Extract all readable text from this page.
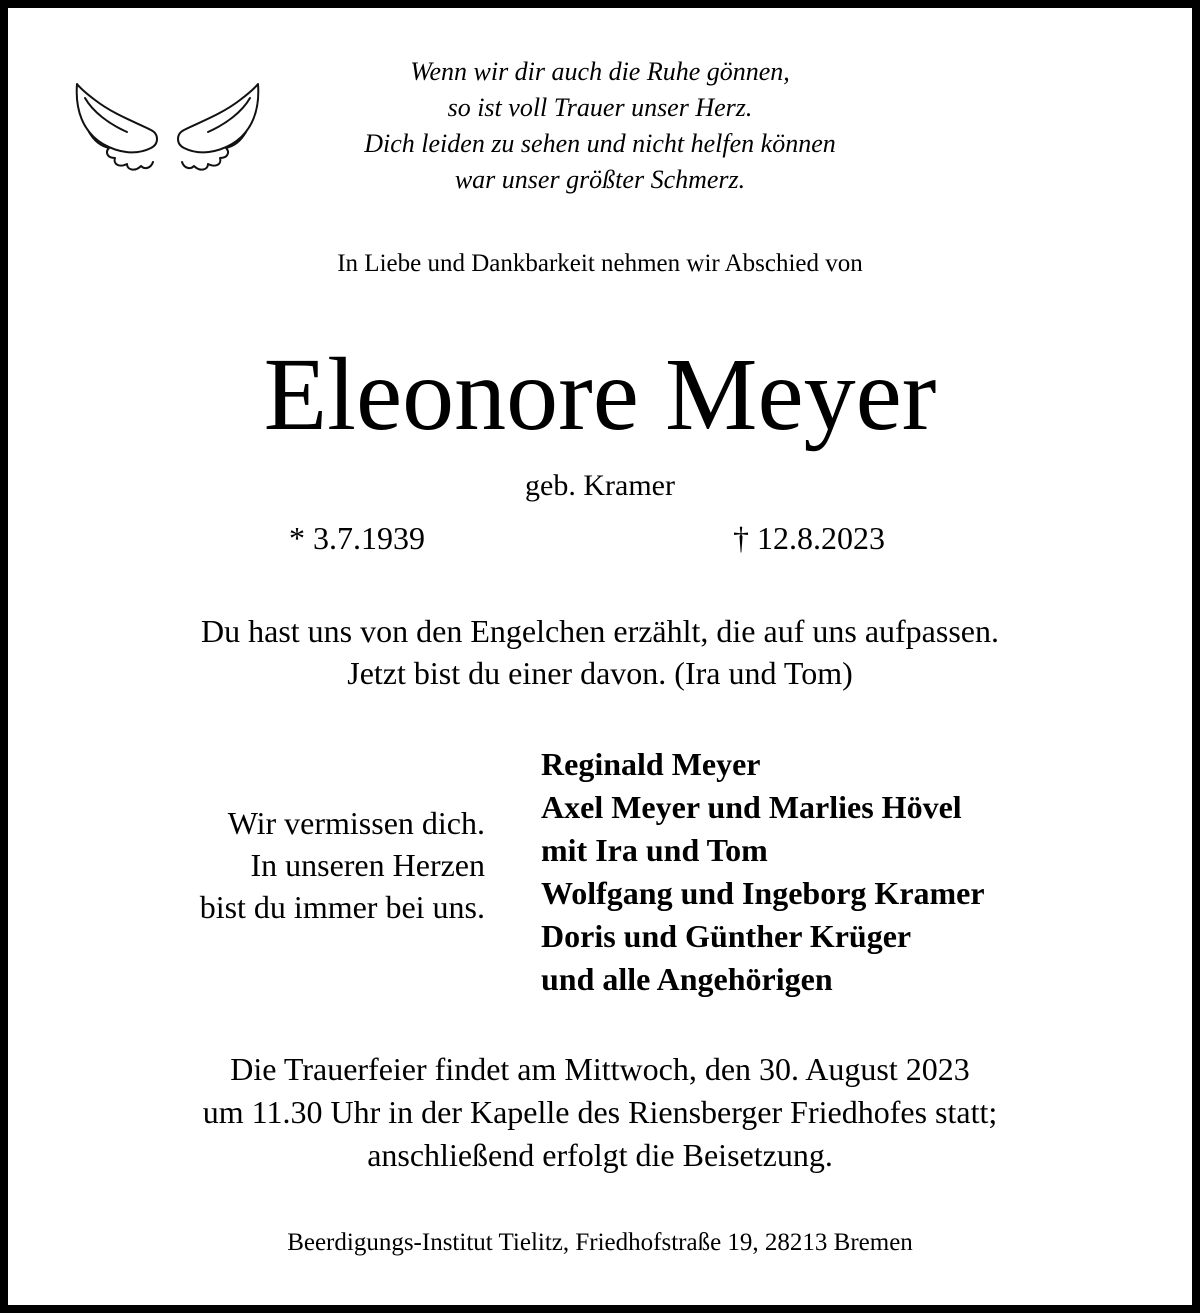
Wenn wir dir auch die Ruhe gönnen,
so ist voll Trauer unser Herz.
Dich leiden zu sehen und nicht helfen können
war unser größter Schmerz.
In Liebe und Dankbarkeit nehmen wir Abschied von
Eleonore Meyer
geb. Kramer
* 3.7.1939	† 12.8.2023
Du hast uns von den Engelchen erzählt, die auf uns aufpassen.
Jetzt bist du einer davon. (Ira und Tom)
Wir vermissen dich.
In unseren Herzen
bist du immer bei uns.
Reginald Meyer
Axel Meyer und Marlies Hövel
mit Ira und Tom
Wolfgang und Ingeborg Kramer
Doris und Günther Krüger
und alle Angehörigen
Die Trauerfeier findet am Mittwoch, den 30. August 2023
um 11.30 Uhr in der Kapelle des Riensberger Friedhofes statt;
anschließend erfolgt die Beisetzung.
Beerdigungs-Institut Tielitz, Friedhofstraße 19, 28213 Bremen
